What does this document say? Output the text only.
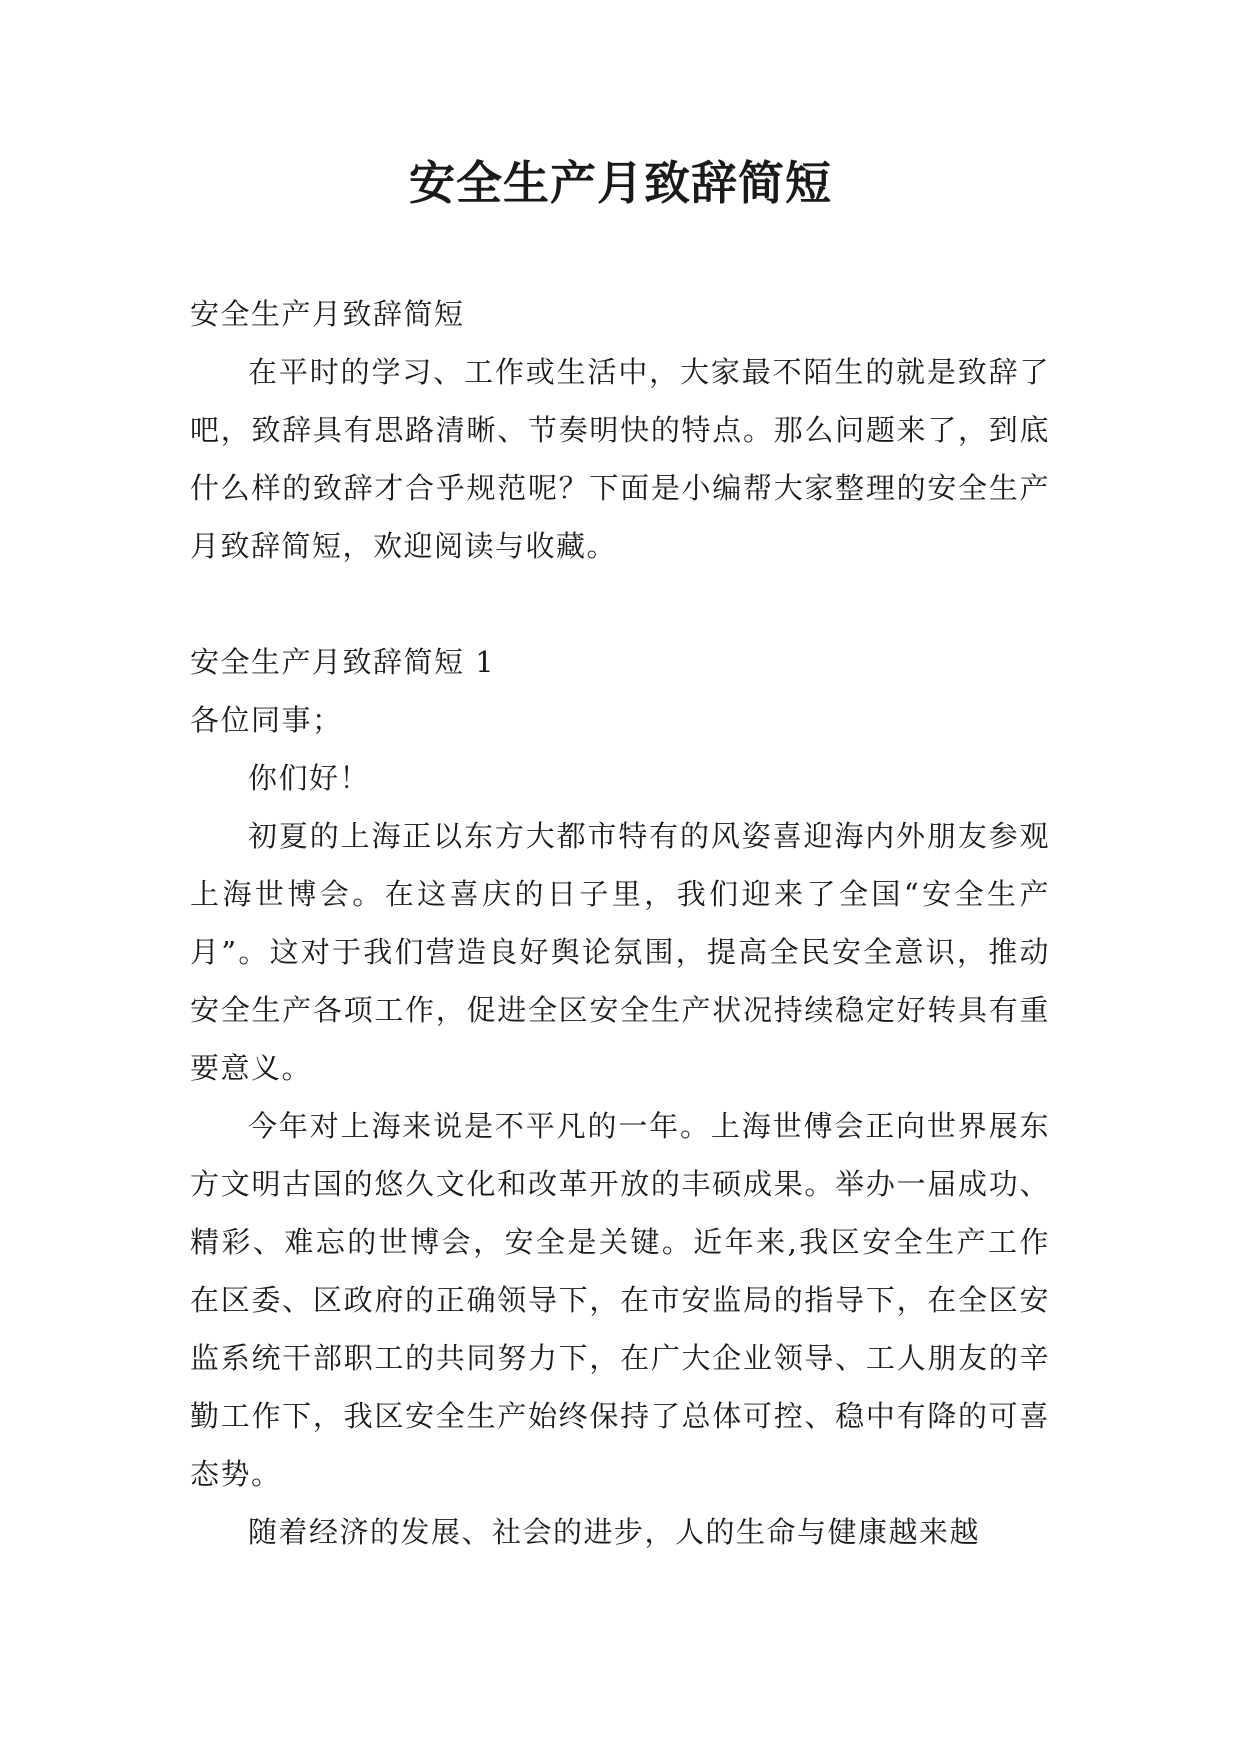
安全生产月致辞简短

安全生产月致辞简短

在平时的学习、工作或生活中，大家最不陌生的就是致辞了吧，致辞具有思路清晰、节奏明快的特点。那么问题来了，到底什么样的致辞才合乎规范呢？下面是小编帮大家整理的安全生产月致辞简短，欢迎阅读与收藏。

安全生产月致辞简短 1

各位同事；

你们好！

初夏的上海正以东方大都市特有的风姿喜迎海内外朋友参观上海世博会。在这喜庆的日子里，我们迎来了全国“安全生产月”。这对于我们营造良好舆论氛围，提高全民安全意识，推动安全生产各项工作，促进全区安全生产状况持续稳定好转具有重要意义。

今年对上海来说是不平凡的一年。上海世傅会正向世界展东方文明古国的悠久文化和改革开放的丰硕成果。举办一届成功、精彩、难忘的世博会，安全是关键。近年来,我区安全生产工作在区委、区政府的正确领导下，在市安监局的指导下，在全区安监系统干部职工的共同努力下，在广大企业领导、工人朋友的辛勤工作下，我区安全生产始终保持了总体可控、稳中有降的可喜态势。

随着经济的发展、社会的进步，人的生命与健康越来越
